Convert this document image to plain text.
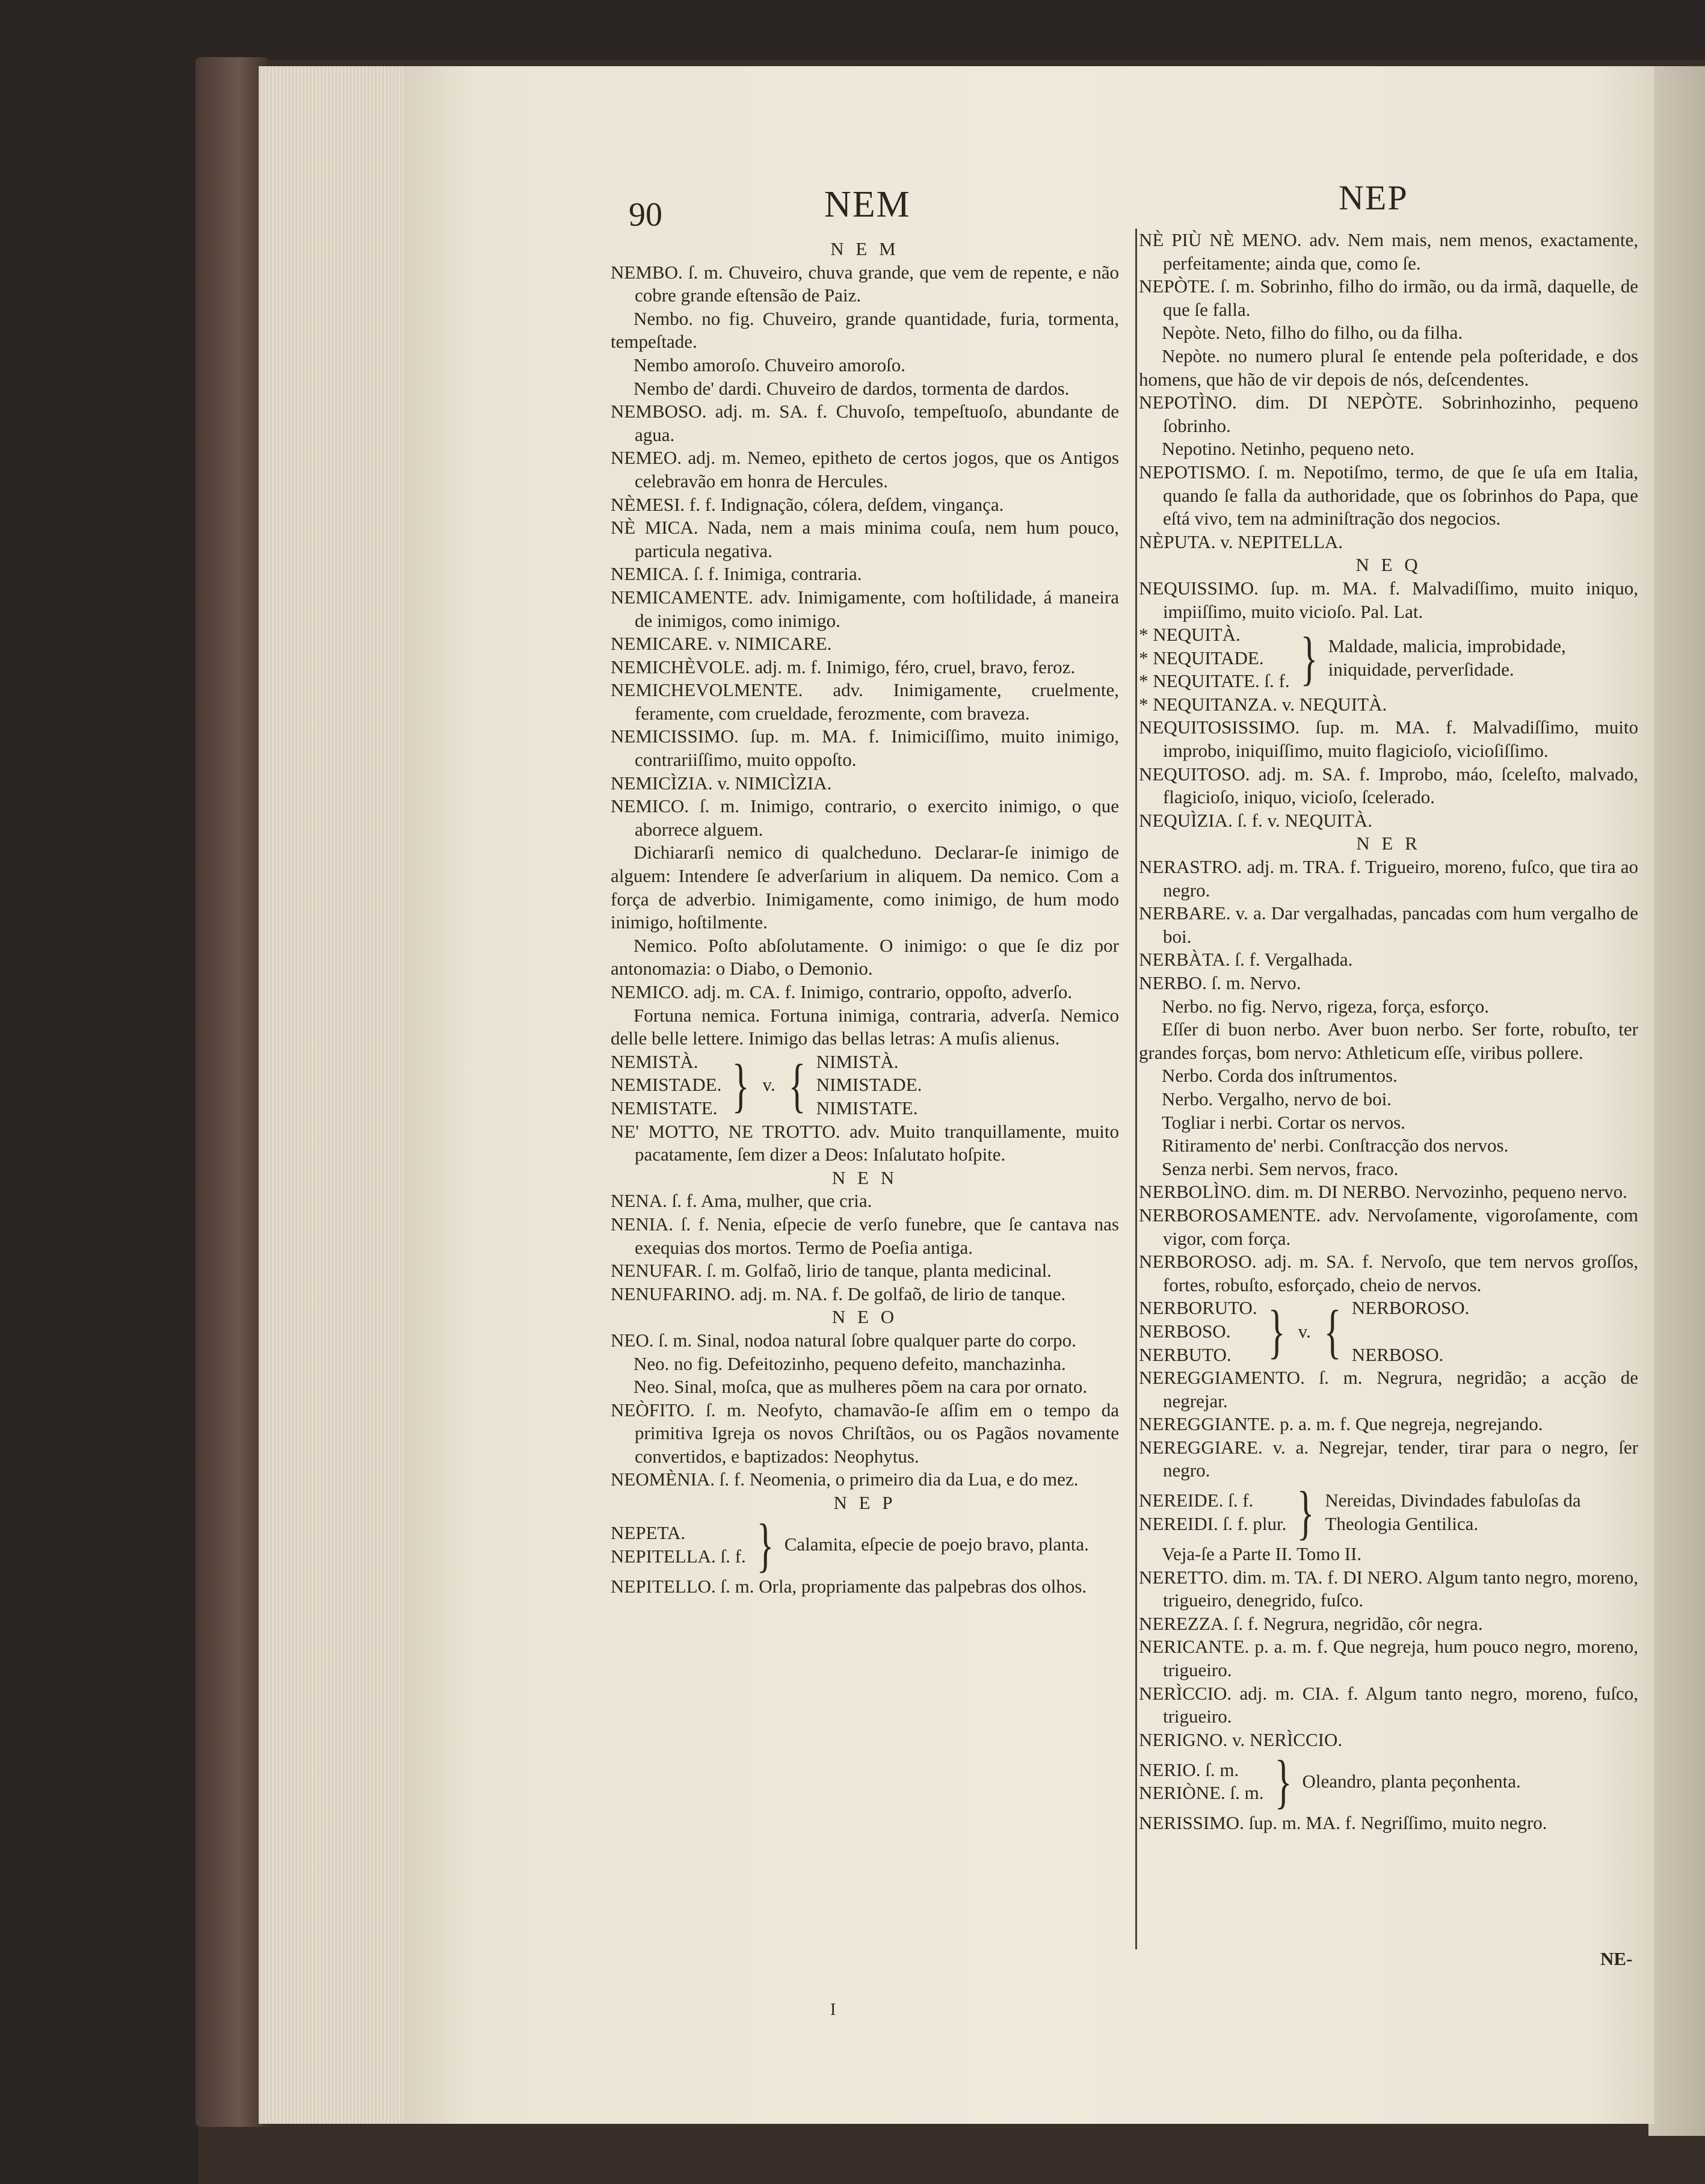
90	NEM	NEP

N E M

NEMBO. ſ. m. Chuveiro, chuva grande, que vem de repente, e não cobre grande eſtensão de Paiz.

Nembo. no fig. Chuveiro, grande quantidade, furia, tormenta, tempeſtade.

Nembo amoroſo. Chuveiro amoroſo.

Nembo de' dardi. Chuveiro de dardos, tormenta de dardos.

NEMBOSO. adj. m. SA. f. Chuvoſo, tempeſtuoſo, abundante de agua.

NEMEO. adj. m. Nemeo, epitheto de certos jogos, que os Antigos celebravão em honra de Hercules.

NÈMESI. f. f. Indignação, cólera, deſdem, vingança.

NÈ MICA. Nada, nem a mais minima couſa, nem hum pouco, particula negativa.

NEMICA. ſ. f. Inimiga, contraria.

NEMICAMENTE. adv. Inimigamente, com hoſtilidade, á maneira de inimigos, como inimigo.

NEMICARE. v. NIMICARE.

NEMICHÈVOLE. adj. m. f. Inimigo, féro, cruel, bravo, feroz.

NEMICHEVOLMENTE. adv. Inimigamente, cruelmente, feramente, com crueldade, ferozmente, com braveza.

NEMICISSIMO. ſup. m. MA. f. Inimiciſſimo, muito inimigo, contrariiſſimo, muito oppoſto.

NEMICÌZIA. v. NIMICÌZIA.

NEMICO. ſ. m. Inimigo, contrario, o exercito inimigo, o que aborrece alguem.

Dichiararſi nemico di qualcheduno. Declarar-ſe inimigo de alguem: Intendere ſe adverſarium in aliquem. Da nemico. Com a força de adverbio. Inimigamente, como inimigo, de hum modo inimigo, hoſtilmente.

Nemico. Poſto abſolutamente. O inimigo: o que ſe diz por antonomazia: o Diabo, o Demonio.

NEMICO. adj. m. CA. f. Inimigo, contrario, oppoſto, adverſo.

Fortuna nemica. Fortuna inimiga, contraria, adverſa. Nemico delle belle lettere. Inimigo das bellas letras: A muſis alienus.

NEMISTÀ.
NEMISTADE.
NEMISTATE. } v. { NIMISTÀ.
NIMISTADE.
NIMISTATE.

NE' MOTTO, NE TROTTO. adv. Muito tranquillamente, muito pacatamente, ſem dizer a Deos: Inſalutato hoſpite.

N E N

NENA. ſ. f. Ama, mulher, que cria.

NENIA. ſ. f. Nenia, eſpecie de verſo funebre, que ſe cantava nas exequias dos mortos. Termo de Poeſia antiga.

NENUFAR. ſ. m. Golfaõ, lirio de tanque, planta medicinal.

NENUFARINO. adj. m. NA. f. De golfaõ, de lirio de tanque.

N E O

NEO. ſ. m. Sinal, nodoa natural ſobre qualquer parte do corpo.

Neo. no fig. Defeitozinho, pequeno defeito, manchazinha.

Neo. Sinal, moſca, que as mulheres põem na cara por ornato.

NEÒFITO. ſ. m. Neofyto, chamavão-ſe aſſim em o tempo da primitiva Igreja os novos Chriſtãos, ou os Pagãos novamente convertidos, e baptizados: Neophytus.

NEOMÈNIA. ſ. f. Neomenia, o primeiro dia da Lua, e do mez.

N E P

NEPETA.
NEPITELLA. ſ. f. } Calamita, eſpecie de poejo bravo, planta.

NEPITELLO. ſ. m. Orla, propriamente das palpebras dos olhos.

NÈ PIÙ NÈ MENO. adv. Nem mais, nem menos, exactamente, perfeitamente; ainda que, como ſe.

NEPÒTE. ſ. m. Sobrinho, filho do irmão, ou da irmã, daquelle, de que ſe falla.

Nepòte. Neto, filho do filho, ou da filha.

Nepòte. no numero plural ſe entende pela poſteridade, e dos homens, que hão de vir depois de nós, deſcendentes.

NEPOTÌNO. dim. DI NEPÒTE. Sobrinhozinho, pequeno ſobrinho.

Nepotino. Netinho, pequeno neto.

NEPOTISMO. ſ. m. Nepotiſmo, termo, de que ſe uſa em Italia, quando ſe falla da authoridade, que os ſobrinhos do Papa, que eſtá vivo, tem na adminiſtração dos negocios.

NÈPUTA. v. NEPITELLA.

N E Q

NEQUISSIMO. ſup. m. MA. f. Malvadiſſimo, muito iniquo, impiiſſimo, muito vicioſo. Pal. Lat.

* NEQUITÀ.
* NEQUITADE.
* NEQUITATE. ſ. f. } Maldade, malicia, improbidade, iniquidade, perverſidade.

* NEQUITANZA. v. NEQUITÀ.

NEQUITOSISSIMO. ſup. m. MA. f. Malvadiſſimo, muito improbo, iniquiſſimo, muito flagicioſo, vicioſiſſimo.

NEQUITOSO. adj. m. SA. f. Improbo, máo, ſceleſto, malvado, flagicioſo, iniquo, vicioſo, ſcelerado.

NEQUÌZIA. ſ. f. v. NEQUITÀ.

N E R

NERASTRO. adj. m. TRA. f. Trigueiro, moreno, fuſco, que tira ao negro.

NERBARE. v. a. Dar vergalhadas, pancadas com hum vergalho de boi.

NERBÀTA. ſ. f. Vergalhada.

NERBO. ſ. m. Nervo.

Nerbo. no fig. Nervo, rigeza, força, esforço.

Eſſer di buon nerbo. Aver buon nerbo. Ser forte, robuſto, ter grandes forças, bom nervo: Athleticum eſſe, viribus pollere.

Nerbo. Corda dos inſtrumentos.

Nerbo. Vergalho, nervo de boi.

Togliar i nerbi. Cortar os nervos.

Ritiramento de' nerbi. Conſtracção dos nervos.

Senza nerbi. Sem nervos, fraco.

NERBOLÌNO. dim. m. DI NERBO. Nervozinho, pequeno nervo.

NERBOROSAMENTE. adv. Nervoſamente, vigoroſamente, com vigor, com força.

NERBOROSO. adj. m. SA. f. Nervoſo, que tem nervos groſſos, fortes, robuſto, esforçado, cheio de nervos.

NERBORUTO.
NERBOSO.
NERBUTO. } v. { NERBOROSO.

NERBOSO.

NEREGGIAMENTO. ſ. m. Negrura, negridão; a acção de negrejar.

NEREGGIANTE. p. a. m. f. Que negreja, negrejando.

NEREGGIARE. v. a. Negrejar, tender, tirar para o negro, ſer negro.

NEREIDE. ſ. f.
NEREIDI. ſ. f. plur. } Nereidas, Divindades fabuloſas da Theologia Gentilica.

Veja-ſe a Parte II. Tomo II.

NERETTO. dim. m. TA. f. DI NERO. Algum tanto negro, moreno, trigueiro, denegrido, fuſco.

NEREZZA. ſ. f. Negrura, negridão, côr negra.

NERICANTE. p. a. m. f. Que negreja, hum pouco negro, moreno, trigueiro.

NERÌCCIO. adj. m. CIA. f. Algum tanto negro, moreno, fuſco, trigueiro.

NERIGNO. v. NERÌCCIO.

NERIO. ſ. m.
NERIÒNE. ſ. m. } Oleandro, planta peçonhenta.

NERISSIMO. ſup. m. MA. f. Negriſſimo, muito negro.

NE-
I
